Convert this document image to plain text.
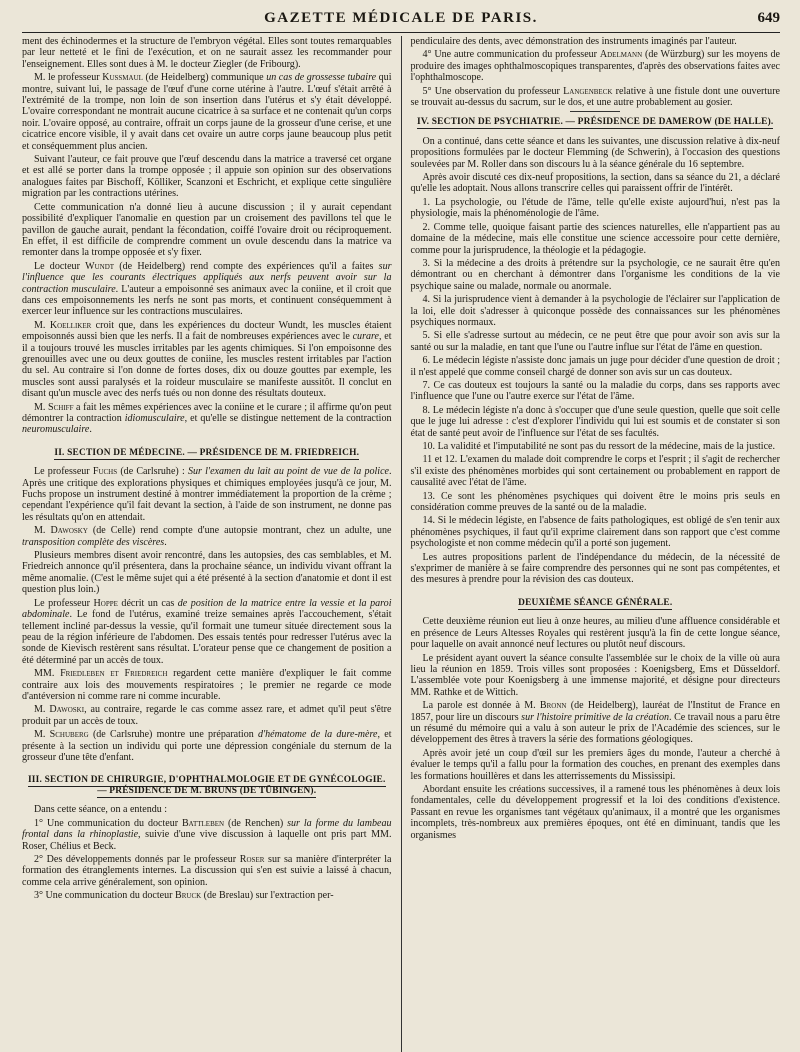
GAZETTE MÉDICALE DE PARIS.	649

ment des échinodermes et la structure de l'embryon végétal. Elles sont toutes remarquables par leur netteté et le fini de l'exécution, et on ne saurait assez les recommander pour l'enseignement. Elles sont dues à M. le docteur Ziegler (de Fribourg).

M. le professeur Kussmaul (de Heidelberg) communique un cas de grossesse tubaire qui montre, suivant lui, le passage de l'œuf d'une corne utérine à l'autre. L'œuf s'était arrêté à l'extrémité de la trompe, non loin de son insertion dans l'utérus et s'y était développé. L'ovaire correspondant ne montrait aucune cicatrice à sa surface et ne contenait qu'un corps noir. L'ovaire opposé, au contraire, offrait un corps jaune de la grosseur d'une cerise, et une cicatrice encore visible, il y avait dans cet ovaire un autre corps jaune beaucoup plus petit et conséquemment plus ancien.

Suivant l'auteur, ce fait prouve que l'œuf descendu dans la matrice a traversé cet organe et est allé se porter dans la trompe opposée ; il appuie son opinion sur des observations analogues faites par Bischoff, Kölliker, Scanzoni et Eschricht, et explique cette singulière migration par les contractions utérines.

Cette communication n'a donné lieu à aucune discussion ; il y aurait cependant possibilité d'expliquer l'anomalie en question par un croisement des pavillons tel que le pavillon de gauche aurait, pendant la fécondation, coiffé l'ovaire droit ou réciproquement. En effet, il est difficile de comprendre comment un ovule descendu dans la matrice va remonter dans la trompe opposée et s'y fixer.

Le docteur Wundt (de Heidelberg) rend compte des expériences qu'il a faites sur l'influence que les courants électriques appliqués aux nerfs peuvent avoir sur la contraction musculaire. L'auteur a empoisonné ses animaux avec la coniine, et il croit que dans ces empoisonnements les nerfs ne sont pas morts, et continuent conséquemment à exercer leur influence sur les contractions musculaires.

M. Koelliker croit que, dans les expériences du docteur Wundt, les muscles étaient empoisonnés aussi bien que les nerfs. Il a fait de nombreuses expériences avec le curare, et il a toujours trouvé les muscles irritables par les agents chimiques. Si l'on empoisonne des grenouilles avec une ou deux gouttes de coniine, les muscles restent irritables par l'action du sel. Au contraire si l'on donne de fortes doses, dix ou douze gouttes par exemple, les muscles sont aussi paralysés et la roideur musculaire se manifeste aussitôt. Il conclut en disant qu'un muscle avec des nerfs tués ou non donne des résultats douteux.

M. Schiff a fait les mêmes expériences avec la coniine et le curare ; il affirme qu'on peut démontrer la contraction idiomusculaire, et qu'elle se distingue nettement de la contraction neuromusculaire.

II. SECTION DE MÉDECINE. — PRÉSIDENCE DE M. FRIEDREICH.

Le professeur Fuchs (de Carlsruhe) : Sur l'examen du lait au point de vue de la police. Après une critique des explorations physiques et chimiques employées jusqu'à ce jour, M. Fuchs propose un instrument destiné à montrer immédiatement la proportion de la crème ; cependant l'expérience qu'il fait devant la section, à l'aide de son instrument, ne donne pas les résultats qu'on en attendait.

M. Dawosky (de Celle) rend compte d'une autopsie montrant, chez un adulte, une transposition complète des viscères.

Plusieurs membres disent avoir rencontré, dans les autopsies, des cas semblables, et M. Friedreich annonce qu'il présentera, dans la prochaine séance, un individu vivant offrant la même anomalie. (C'est le même sujet qui a été présenté à la section d'anatomie et dont il est question plus loin.)

Le professeur Hoppe décrit un cas de position de la matrice entre la vessie et la paroi abdominale. Le fond de l'utérus, examiné treize semaines après l'accouchement, s'était tellement incliné par-dessus la vessie, qu'il formait une tumeur située directement sous la peau de la région inférieure de l'abdomen. Des essais tentés pour redresser l'utérus avec la sonde de Kievisch restèrent sans résultat. L'orateur pense que ce changement de position a été déterminé par un accès de toux.

MM. Friedleben et Friedreich regardent cette manière d'expliquer le fait comme contraire aux lois des mouvements respiratoires ; le premier ne regarde ce mode d'antéversion ni comme rare ni comme incurable.

M. Dawoski, au contraire, regarde le cas comme assez rare, et admet qu'il peut s'être produit par un accès de toux.

M. Schuberg (de Carlsruhe) montre une préparation d'hématome de la dure-mère, et présente à la section un individu qui porte une dépression congéniale du sternum de la grosseur d'une tête d'enfant.

III. SECTION DE CHIRURGIE, D'OPHTHALMOLOGIE ET DE GYNÉCOLOGIE.
— PRÉSIDENCE DE M. BRUNS (DE TÜBINGEN).

Dans cette séance, on a entendu :

1° Une communication du docteur Battleben (de Renchen) sur la forme du lambeau frontal dans la rhinoplastie, suivie d'une vive discussion à laquelle ont pris part MM. Roser, Chélius et Beck.

2° Des développements donnés par le professeur Roser sur sa manière d'interpréter la formation des étranglements internes. La discussion qui s'en est suivie a laissé à chacun, comme cela arrive généralement, son opinion.

3° Une communication du docteur Bruck (de Breslau) sur l'extraction per-

pendiculaire des dents, avec démonstration des instruments imaginés par l'auteur.

4° Une autre communication du professeur Adelmann (de Würzburg) sur les moyens de produire des images ophthalmoscopiques transparentes, d'après des observations faites avec l'ophthalmoscope.

5° Une observation du professeur Langenbeck relative à une fistule dont une ouverture se trouvait au-dessus du sacrum, sur le dos, et une autre probablement au gosier.

IV. SECTION DE PSYCHIATRIE. — PRÉSIDENCE DE DAMEROW (DE HALLE).

On a continué, dans cette séance et dans les suivantes, une discussion relative à dix-neuf propositions formulées par le docteur Flemming (de Schwerin), à l'occasion des questions soulevées par M. Roller dans son discours lu à la séance générale du 16 septembre.

Après avoir discuté ces dix-neuf propositions, la section, dans sa séance du 21, a déclaré qu'elle les adoptait. Nous allons transcrire celles qui paraissent offrir de l'intérêt.

1. La psychologie, ou l'étude de l'âme, telle qu'elle existe aujourd'hui, n'est pas la physiologie, mais la phénoménologie de l'âme.

2. Comme telle, quoique faisant partie des sciences naturelles, elle n'appartient pas au domaine de la médecine, mais elle constitue une science accessoire pour cette dernière, comme pour la jurisprudence, la théologie et la pédagogie.

3. Si la médecine a des droits à prétendre sur la psychologie, ce ne saurait être qu'en démontrant ou en cherchant à démontrer dans l'organisme les conditions de la vie psychique saine ou malade, normale ou anormale.

4. Si la jurisprudence vient à demander à la psychologie de l'éclairer sur l'application de la loi, elle doit s'adresser à quiconque possède des connaissances sur les phénomènes psychiques normaux.

5. Si elle s'adresse surtout au médecin, ce ne peut être que pour avoir son avis sur la santé ou sur la maladie, en tant que l'une ou l'autre influe sur l'état de l'âme en question.

6. Le médecin légiste n'assiste donc jamais un juge pour décider d'une question de droit ; il n'est appelé que comme conseil chargé de donner son avis sur un cas douteux.

7. Ce cas douteux est toujours la santé ou la maladie du corps, dans ses rapports avec l'influence que l'une ou l'autre exerce sur l'état de l'âme.

8. Le médecin légiste n'a donc à s'occuper que d'une seule question, quelle que soit celle que le juge lui adresse : c'est d'explorer l'individu qui lui est soumis et de constater si son état de santé peut avoir de l'influence sur l'état de ses facultés.

10. La validité et l'imputabilité ne sont pas du ressort de la médecine, mais de la justice.

11 et 12. L'examen du malade doit comprendre le corps et l'esprit ; il s'agit de rechercher s'il existe des phénomènes morbides qui sont certainement ou probablement en rapport de causalité avec l'état de l'âme.

13. Ce sont les phénomènes psychiques qui doivent être le moins pris seuls en considération comme preuves de la santé ou de la maladie.

14. Si le médecin légiste, en l'absence de faits pathologiques, est obligé de s'en tenir aux phénomènes psychiques, il faut qu'il exprime clairement dans son rapport que c'est comme psychologiste et non comme médecin qu'il a porté son jugement.

Les autres propositions parlent de l'indépendance du médecin, de la nécessité de s'exprimer de manière à se faire comprendre des personnes qui ne sont pas compétentes, et des mesures à prendre pour la révision des cas douteux.

DEUXIÈME SÉANCE GÉNÉRALE.

Cette deuxième réunion eut lieu à onze heures, au milieu d'une affluence considérable et en présence de Leurs Altesses Royales qui restèrent jusqu'à la fin de cette longue séance, pour laquelle on avait annoncé neuf lectures ou plutôt neuf discours.

Le président ayant ouvert la séance consulte l'assemblée sur le choix de la ville où aura lieu la réunion en 1859. Trois villes sont proposées : Koenigsberg, Ems et Düsseldorf. L'assemblée vote pour Koenigsberg à une immense majorité, et désigne pour directeurs MM. Rathke et de Wittich.

La parole est donnée à M. Bronn (de Heidelberg), lauréat de l'Institut de France en 1857, pour lire un discours sur l'histoire primitive de la création. Ce travail nous a paru être un résumé du mémoire qui a valu à son auteur le prix de l'Académie des sciences, sur le développement des êtres à travers la série des formations géologiques.

Après avoir jeté un coup d'œil sur les premiers âges du monde, l'auteur a cherché à évaluer le temps qu'il a fallu pour la formation des couches, en prenant des exemples dans les formations houillères et dans les atterrissements du Mississipi.

Abordant ensuite les créations successives, il a ramené tous les phénomènes à deux lois fondamentales, celle du développement progressif et la loi des conditions d'existence. Passant en revue les organismes tant végétaux qu'animaux, il a montré que les organismes incomplets, très-nombreux aux premières époques, ont été en diminuant, tandis que les organismes
